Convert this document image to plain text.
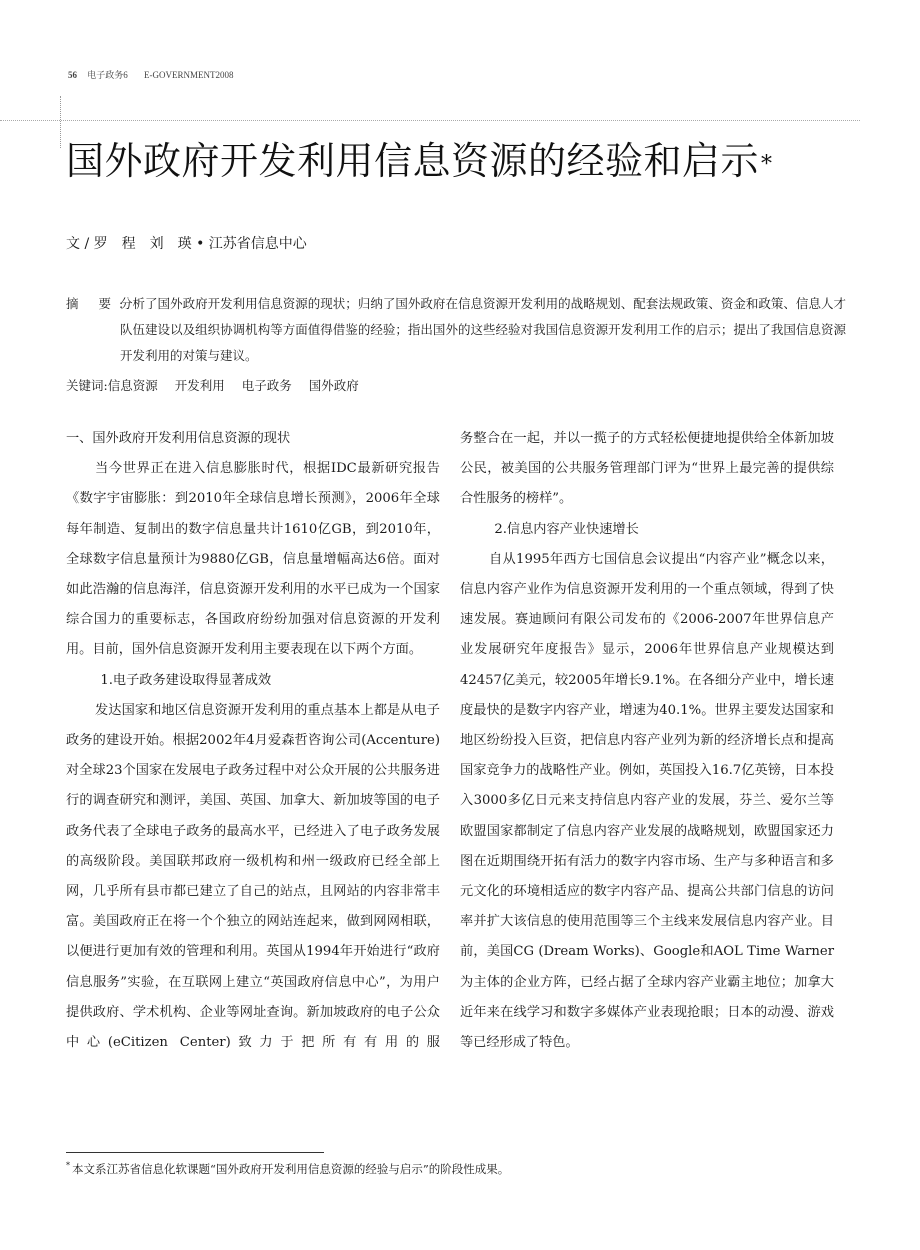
56 电子政务6 E-GOVERNMENT2008
国外政府开发利用信息资源的经验和启示*
文 / 罗　程　刘　瑛 • 江苏省信息中心
摘 要:
分析了国外政府开发利用信息资源的现状；归纳了国外政府在信息资源开发利用的战略规划、配套法规政策、资金和政策、信息人才队伍建设以及组织协调机构等方面值得借鉴的经验；指出国外的这些经验对我国信息资源开发利用工作的启示；提出了我国信息资源开发利用的对策与建议。
关键词:信息资源 开发利用 电子政务 国外政府

一、国外政府开发利用信息资源的现状

当今世界正在进入信息膨胀时代，根据IDC最新研究报告《数字宇宙膨胀：到2010年全球信息增长预测》，2006年全球每年制造、复制出的数字信息量共计1610亿GB，到2010年，全球数字信息量预计为9880亿GB，信息量增幅高达6倍。面对如此浩瀚的信息海洋，信息资源开发利用的水平已成为一个国家综合国力的重要标志，各国政府纷纷加强对信息资源的开发利用。目前，国外信息资源开发利用主要表现在以下两个方面。

1.电子政务建设取得显著成效

发达国家和地区信息资源开发利用的重点基本上都是从电子政务的建设开始。根据2002年4月爱森哲咨询公司(Accenture)对全球23个国家在发展电子政务过程中对公众开展的公共服务进行的调查研究和测评，美国、英国、加拿大、新加坡等国的电子政务代表了全球电子政务的最高水平，已经进入了电子政务发展的高级阶段。美国联邦政府一级机构和州一级政府已经全部上网，几乎所有县市都已建立了自己的站点，且网站的内容非常丰富。美国政府正在将一个个独立的网站连起来，做到网网相联，以便进行更加有效的管理和利用。英国从1994年开始进行“政府信息服务”实验，在互联网上建立“英国政府信息中心”，为用户提供政府、学术机构、企业等网址查询。新加坡政府的电子公众中心(eCitizen Center)致力于把所有有用的服

务整合在一起，并以一揽子的方式轻松便捷地提供给全体新加坡公民，被美国的公共服务管理部门评为“世界上最完善的提供综合性服务的榜样”。

2.信息内容产业快速增长

自从1995年西方七国信息会议提出“内容产业”概念以来，信息内容产业作为信息资源开发利用的一个重点领域，得到了快速发展。赛迪顾问有限公司发布的《2006-2007年世界信息产业发展研究年度报告》显示，2006年世界信息产业规模达到42457亿美元，较2005年增长9.1%。在各细分产业中，增长速度最快的是数字内容产业，增速为40.1%。世界主要发达国家和地区纷纷投入巨资，把信息内容产业列为新的经济增长点和提高国家竞争力的战略性产业。例如，英国投入16.7亿英镑，日本投入3000多亿日元来支持信息内容产业的发展，芬兰、爱尔兰等欧盟国家都制定了信息内容产业发展的战略规划，欧盟国家还力图在近期围绕开拓有活力的数字内容市场、生产与多种语言和多元文化的环境相适应的数字内容产品、提高公共部门信息的访问率并扩大该信息的使用范围等三个主线来发展信息内容产业。目前，美国CG (Dream Works)、Google和AOL Time Warner为主体的企业方阵，已经占据了全球内容产业霸主地位；加拿大近年来在线学习和数字多媒体产业表现抢眼；日本的动漫、游戏等已经形成了特色。

* 本文系江苏省信息化软课题“国外政府开发利用信息资源的经验与启示”的阶段性成果。
